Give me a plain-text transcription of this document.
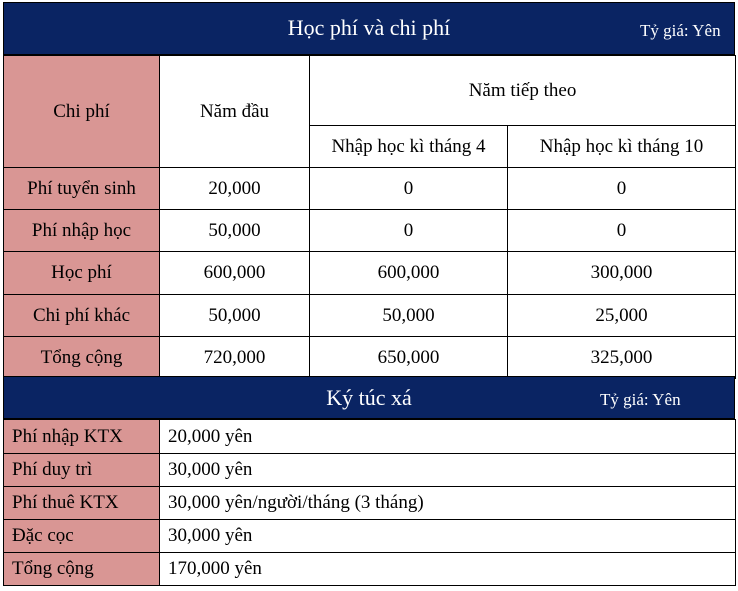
Học phí và chi phí	Tỷ giá: Yên
Chi phí	Năm đầu	Năm tiếp theo	
		Nhập học kì tháng 4	Nhập học kì tháng 10
Phí tuyển sinh	20,000	0	0
Phí nhập học	50,000	0	0
Học phí	600,000	600,000	300,000
Chi phí khác	50,000	50,000	25,000
Tổng cộng	720,000	650,000	325,000
Ký túc xá	Tỷ giá: Yên
Phí nhập KTX	20,000 yên
Phí duy trì	30,000 yên
Phí thuê KTX	30,000 yên/người/tháng (3 tháng)
Đặc cọc	30,000 yên
Tổng cộng	170,000 yên
